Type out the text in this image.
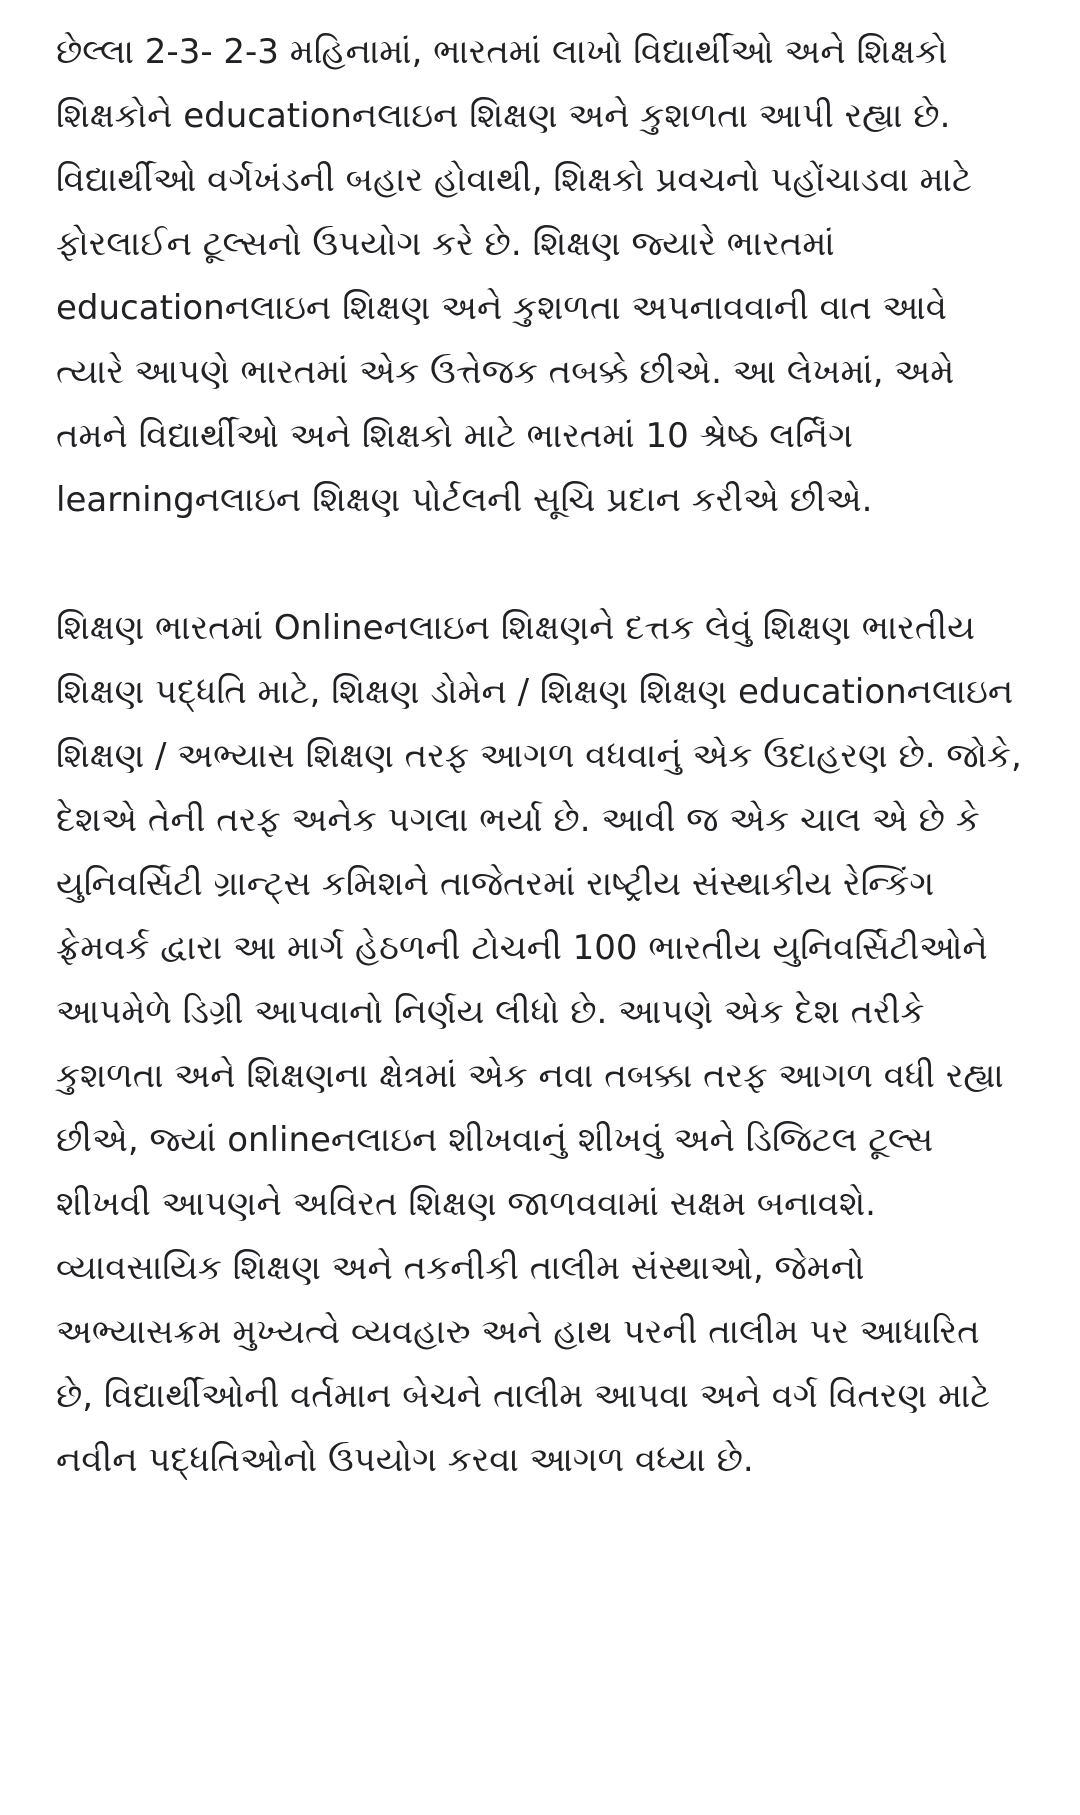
છેલ્લા 2-3- 2-3 મહિનામાં, ભારતમાં લાખો વિદ્યાર્થીઓ અને શિક્ષકો શિક્ષકોને educationનલાઇન શિક્ષણ અને કુશળતા આપી રહ્યા છે. વિદ્યાર્થીઓ વર્ગખંડની બહાર હોવાથી, શિક્ષકો પ્રવચનો પહોંચાડવા માટે ફોરલાઈન ટૂલ્સનો ઉપયોગ કરે છે. શિક્ષણ જ્યારે ભારતમાં educationનલાઇન શિક્ષણ અને કુશળતા અપનાવવાની વાત આવે ત્યારે આપણે ભારતમાં એક ઉત્તેજક તબક્કે છીએ. આ લેખમાં, અમે તમને વિદ્યાર્થીઓ અને શિક્ષકો માટે ભારતમાં 10 શ્રેષ્ઠ લર્નિંગ learningનલાઇન શિક્ષણ પોર્ટલની સૂચિ પ્રદાન કરીએ છીએ.

શિક્ષણ ભારતમાં Onlineનલાઇન શિક્ષણને દત્તક લેવું શિક્ષણ ભારતીય શિક્ષણ પદ્ધતિ માટે, શિક્ષણ ડોમેન / શિક્ષણ શિક્ષણ educationનલાઇન શિક્ષણ / અભ્યાસ શિક્ષણ તરફ આગળ વધવાનું એક ઉદાહરણ છે. જોકે, દેશએ તેની તરફ અનેક પગલા ભર્યા છે. આવી જ એક ચાલ એ છે કે યુનિવર્સિટી ગ્રાન્ટ્સ કમિશને તાજેતરમાં રાષ્ટ્રીય સંસ્થાકીય રેન્કિંગ ફ્રેમવર્ક દ્વારા આ માર્ગ હેઠળની ટોચની 100 ભારતીય યુનિવર્સિટીઓને આપમેળે ડિગ્રી આપવાનો નિર્ણય લીધો છે. આપણે એક દેશ તરીકે કુશળતા અને શિક્ષણના ક્ષેત્રમાં એક નવા તબક્કા તરફ આગળ વધી રહ્યા છીએ, જ્યાં onlineનલાઇન શીખવાનું શીખવું અને ડિજિટલ ટૂલ્સ શીખવી આપણને અવિરત શિક્ષણ જાળવવામાં સક્ષમ બનાવશે. વ્યાવસાયિક શિક્ષણ અને તકનીકી તાલીમ સંસ્થાઓ, જેમનો અભ્યાસક્રમ મુખ્યત્વે વ્યવહારુ અને હાથ પરની તાલીમ પર આધારિત છે, વિદ્યાર્થીઓની વર્તમાન બેચને તાલીમ આપવા અને વર્ગ વિતરણ માટે નવીન પદ્ધતિઓનો ઉપયોગ કરવા આગળ વધ્યા છે.
